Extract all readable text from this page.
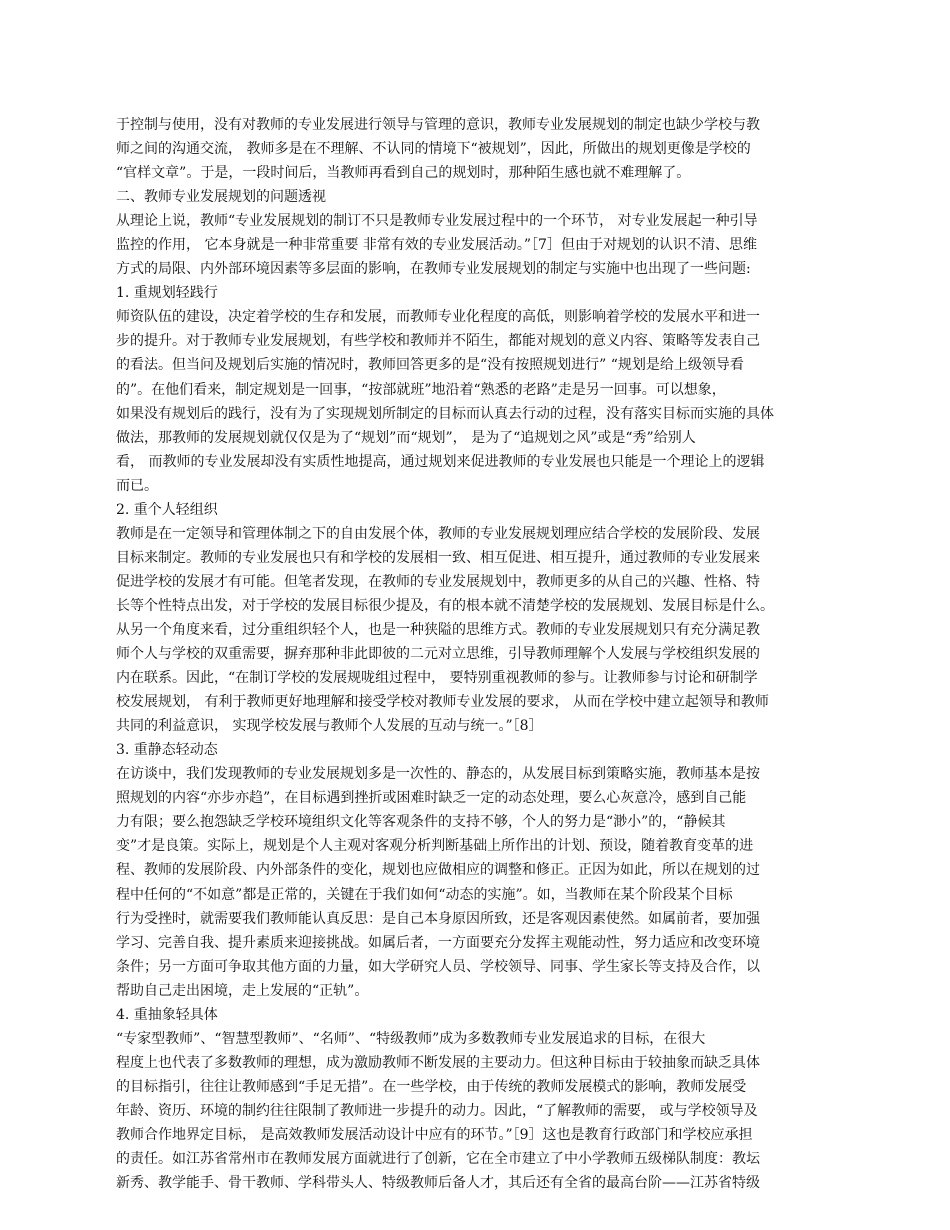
于控制与使用，没有对教师的专业发展进行领导与管理的意识，教师专业发展规划的制定也缺少学校与教

师之间的沟通交流， 教师多是在不理解、不认同的情境下“被规划”，因此，所做出的规划更像是学校的

“官样文章”。于是，一段时间后，当教师再看到自己的规划时，那种陌生感也就不难理解了。

二、教师专业发展规划的问题透视

从理论上说，教师“专业发展规划的制订不只是教师专业发展过程中的一个环节， 对专业发展起一种引导

监控的作用， 它本身就是一种非常重要 非常有效的专业发展活动。”［7］但由于对规划的认识不清、思维

方式的局限、内外部环境因素等多层面的影响，在教师专业发展规划的制定与实施中也出现了一些问题:

1. 重规划轻践行

师资队伍的建设，决定着学校的生存和发展，而教师专业化程度的高低，则影响着学校的发展水平和进一

步的提升。对于教师专业发展规划，有些学校和教师并不陌生，都能对规划的意义内容、策略等发表自己

的看法。但当问及规划后实施的情况时，教师回答更多的是“没有按照规划进行” “规划是给上级领导看

的”。在他们看来，制定规划是一回事，“按部就班”地沿着“熟悉的老路”走是另一回事。可以想象，

如果没有规划后的践行，没有为了实现规划所制定的目标而认真去行动的过程，没有落实目标而实施的具体

做法，那教师的发展规划就仅仅是为了“规划”而“规划”， 是为了“追规划之风”或是“秀”给别人

看， 而教师的专业发展却没有实质性地提高，通过规划来促进教师的专业发展也只能是一个理论上的逻辑

而已。

2. 重个人轻组织

教师是在一定领导和管理体制之下的自由发展个体，教师的专业发展规划理应结合学校的发展阶段、发展

目标来制定。教师的专业发展也只有和学校的发展相一致、相互促进、相互提升，通过教师的专业发展来

促进学校的发展才有可能。但笔者发现，在教师的专业发展规划中，教师更多的从自己的兴趣、性格、特

长等个性特点出发，对于学校的发展目标很少提及，有的根本就不清楚学校的发展规划、发展目标是什么。

从另一个角度来看，过分重组织轻个人，也是一种狭隘的思维方式。教师的专业发展规划只有充分满足教

师个人与学校的双重需要，摒弃那种非此即彼的二元对立思维，引导教师理解个人发展与学校组织发展的

内在联系。因此，“在制订学校的发展规咙组过程中， 要特别重视教师的参与。让教师参与讨论和研制学

校发展规划， 有利于教师更好地理解和接受学校对教师专业发展的要求， 从而在学校中建立起领导和教师

共同的利益意识， 实现学校发展与教师个人发展的互动与统一。”［8］

3. 重静态轻动态

在访谈中，我们发现教师的专业发展规划多是一次性的、静态的，从发展目标到策略实施，教师基本是按

照规划的内容“亦步亦趋”，在目标遇到挫折或困难时缺乏一定的动态处理，要么心灰意冷，感到自己能

力有限；要么抱怨缺乏学校环境组织文化等客观条件的支持不够，个人的努力是“渺小”的，“静候其

变”才是良策。实际上，规划是个人主观对客观分析判断基础上所作出的计划、预设，随着教育变革的进

程、教师的发展阶段、内外部条件的变化，规划也应做相应的调整和修正。正因为如此，所以在规划的过

程中任何的“不如意”都是正常的，关键在于我们如何“动态的实施”。如，当教师在某个阶段某个目标

行为受挫时，就需要我们教师能认真反思：是自己本身原因所致，还是客观因素使然。如属前者，要加强

学习、完善自我、提升素质来迎接挑战。如属后者，一方面要充分发挥主观能动性，努力适应和改变环境

条件；另一方面可争取其他方面的力量，如大学研究人员、学校领导、同事、学生家长等支持及合作，以

帮助自己走出困境，走上发展的“正轨”。

4. 重抽象轻具体

“专家型教师”、“智慧型教师”、“名师”、“特级教师”成为多数教师专业发展追求的目标，在很大

程度上也代表了多数教师的理想，成为激励教师不断发展的主要动力。但这种目标由于较抽象而缺乏具体

的目标指引，往往让教师感到“手足无措”。在一些学校，由于传统的教师发展模式的影响，教师发展受

年龄、资历、环境的制约往往限制了教师进一步提升的动力。因此，“了解教师的需要， 或与学校领导及

教师合作地界定目标， 是高效教师发展活动设计中应有的环节。”［9］这也是教育行政部门和学校应承担

的责任。如江苏省常州市在教师发展方面就进行了创新，它在全市建立了中小学教师五级梯队制度：教坛

新秀、教学能手、骨干教师、学科带头人、特级教师后备人才，其后还有全省的最高台阶——江苏省特级
